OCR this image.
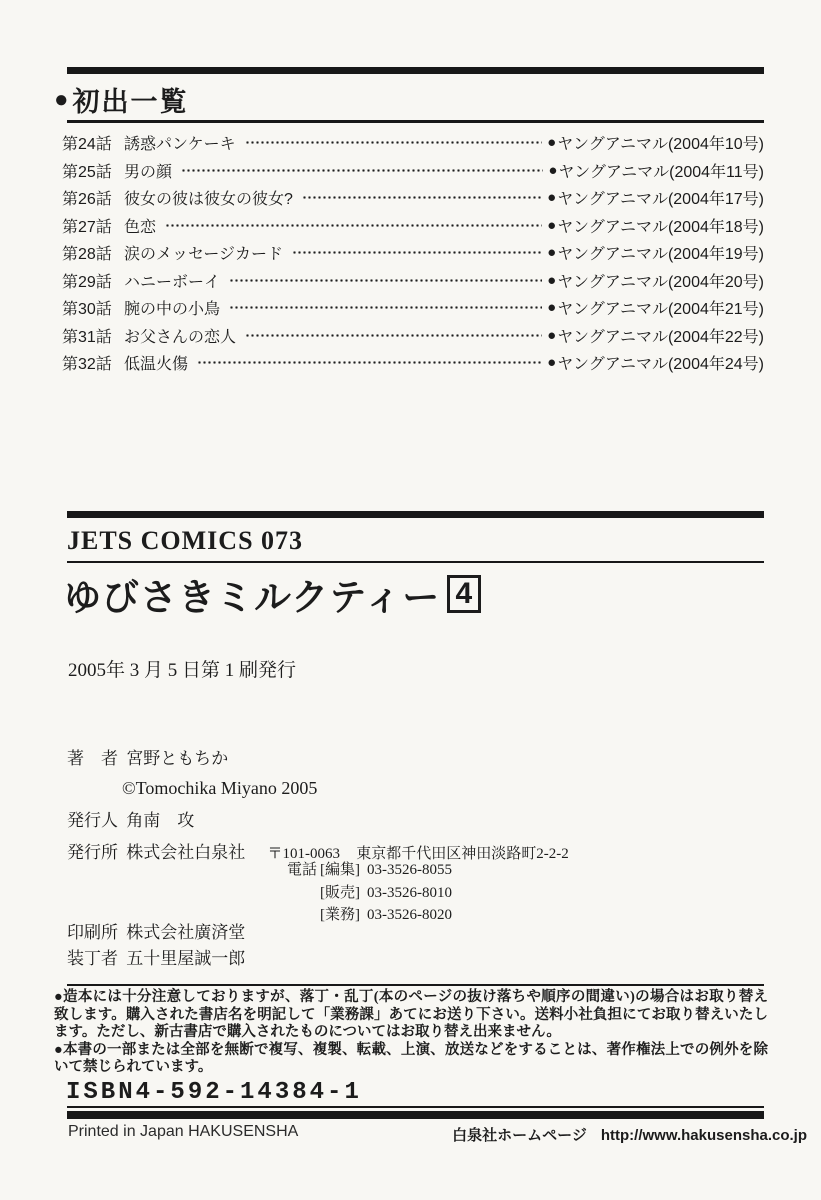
● 初出一覧
第24話 誘惑パンケーキ	● ヤングアニマル(2004年10号)
第25話 男の顔	● ヤングアニマル(2004年11号)
第26話 彼女の彼は彼女の彼女?	● ヤングアニマル(2004年17号)
第27話 色恋	● ヤングアニマル(2004年18号)
第28話 涙のメッセージカード	● ヤングアニマル(2004年19号)
第29話 ハニーボーイ	● ヤングアニマル(2004年20号)
第30話 腕の中の小鳥	● ヤングアニマル(2004年21号)
第31話 お父さんの恋人	● ヤングアニマル(2004年22号)
第32話 低温火傷	● ヤングアニマル(2004年24号)
JETS COMICS 073
ゆびさきミルクティー 4
2005年 3 月 5 日第 1 刷発行
著　者 宮野ともちか
©Tomochika Miyano 2005
発行人 角南　攻
発行所 株式会社白泉社 〒101-0063 東京都千代田区神田淡路町2-2-2
電話 [編集] 03-3526-8055
[販売] 03-3526-8010
[業務] 03-3526-8020
印刷所 株式会社廣済堂
装丁者 五十里屋誠一郎

●造本には十分注意しておりますが、落丁・乱丁(本のページの抜け落ちや順序の間違い)の場合はお取り替え致します。購入された書店名を明記して「業務課」あてにお送り下さい。送料小社負担にてお取り替えいたします。ただし、新古書店で購入されたものについてはお取り替え出来ません。

●本書の一部または全部を無断で複写、複製、転載、上演、放送などをすることは、著作権法上での例外を除いて禁じられています。

ISBN4-592-14384-1
Printed in Japan HAKUSENSHA	白泉社ホームページ http://www.hakusensha.co.jp
